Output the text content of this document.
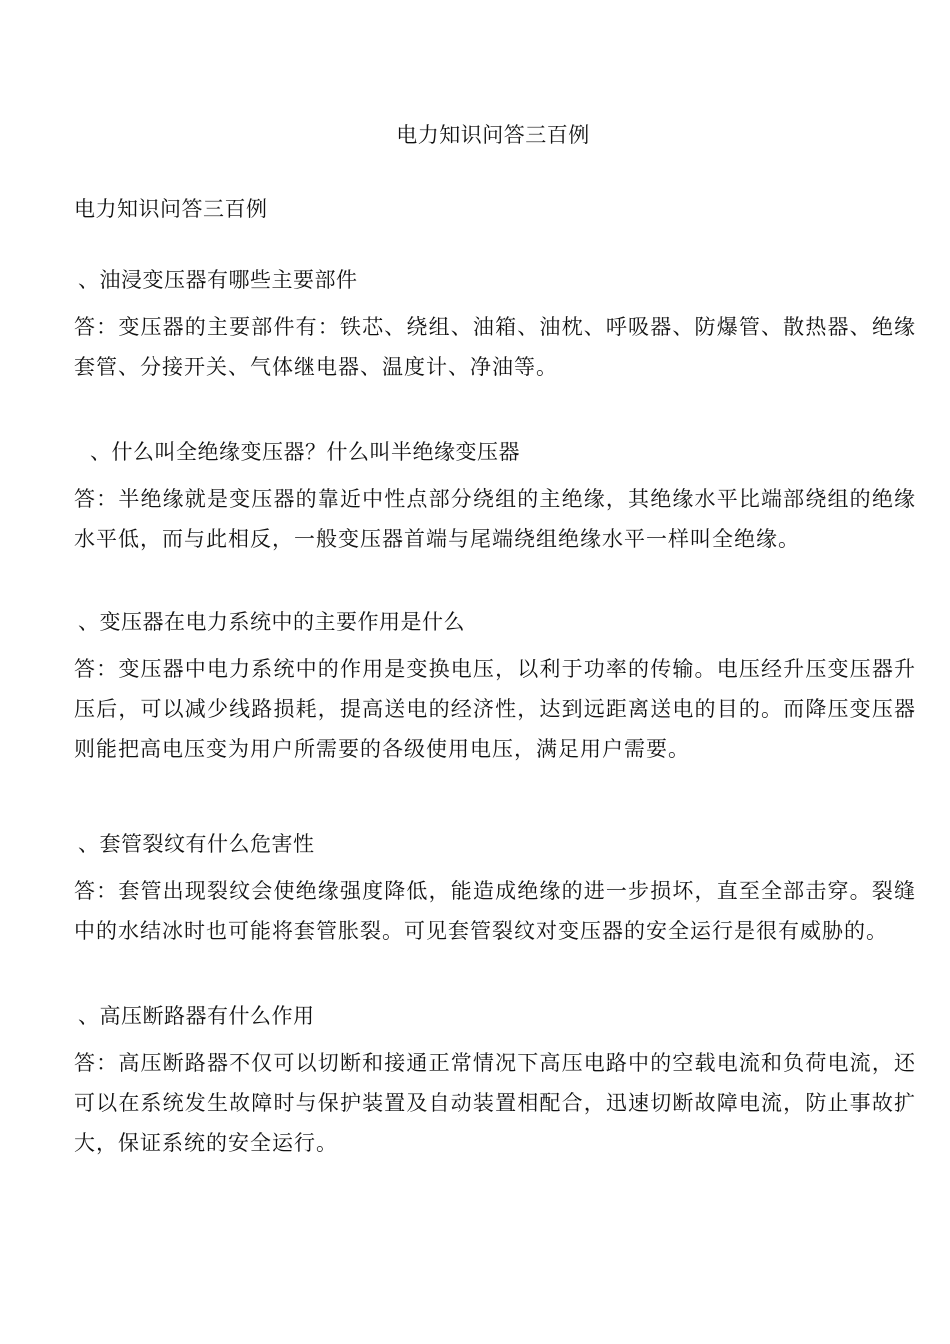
电力知识问答三百例
电力知识问答三百例

、油浸变压器有哪些主要部件

答：变压器的主要部件有：铁芯、绕组、油箱、油枕、呼吸器、防爆管、散热器、绝缘套管、分接开关、气体继电器、温度计、净油等。

、什么叫全绝缘变压器？什么叫半绝缘变压器

答：半绝缘就是变压器的靠近中性点部分绕组的主绝缘，其绝缘水平比端部绕组的绝缘水平低，而与此相反，一般变压器首端与尾端绕组绝缘水平一样叫全绝缘。

、变压器在电力系统中的主要作用是什么

答：变压器中电力系统中的作用是变换电压，以利于功率的传输。电压经升压变压器升压后，可以减少线路损耗，提高送电的经济性，达到远距离送电的目的。而降压变压器则能把高电压变为用户所需要的各级使用电压，满足用户需要。

、套管裂纹有什么危害性

答：套管出现裂纹会使绝缘强度降低，能造成绝缘的进一步损坏，直至全部击穿。裂缝中的水结冰时也可能将套管胀裂。可见套管裂纹对变压器的安全运行是很有威胁的。

、高压断路器有什么作用

答：高压断路器不仅可以切断和接通正常情况下高压电路中的空载电流和负荷电流，还可以在系统发生故障时与保护装置及自动装置相配合，迅速切断故障电流，防止事故扩大，保证系统的安全运行。
